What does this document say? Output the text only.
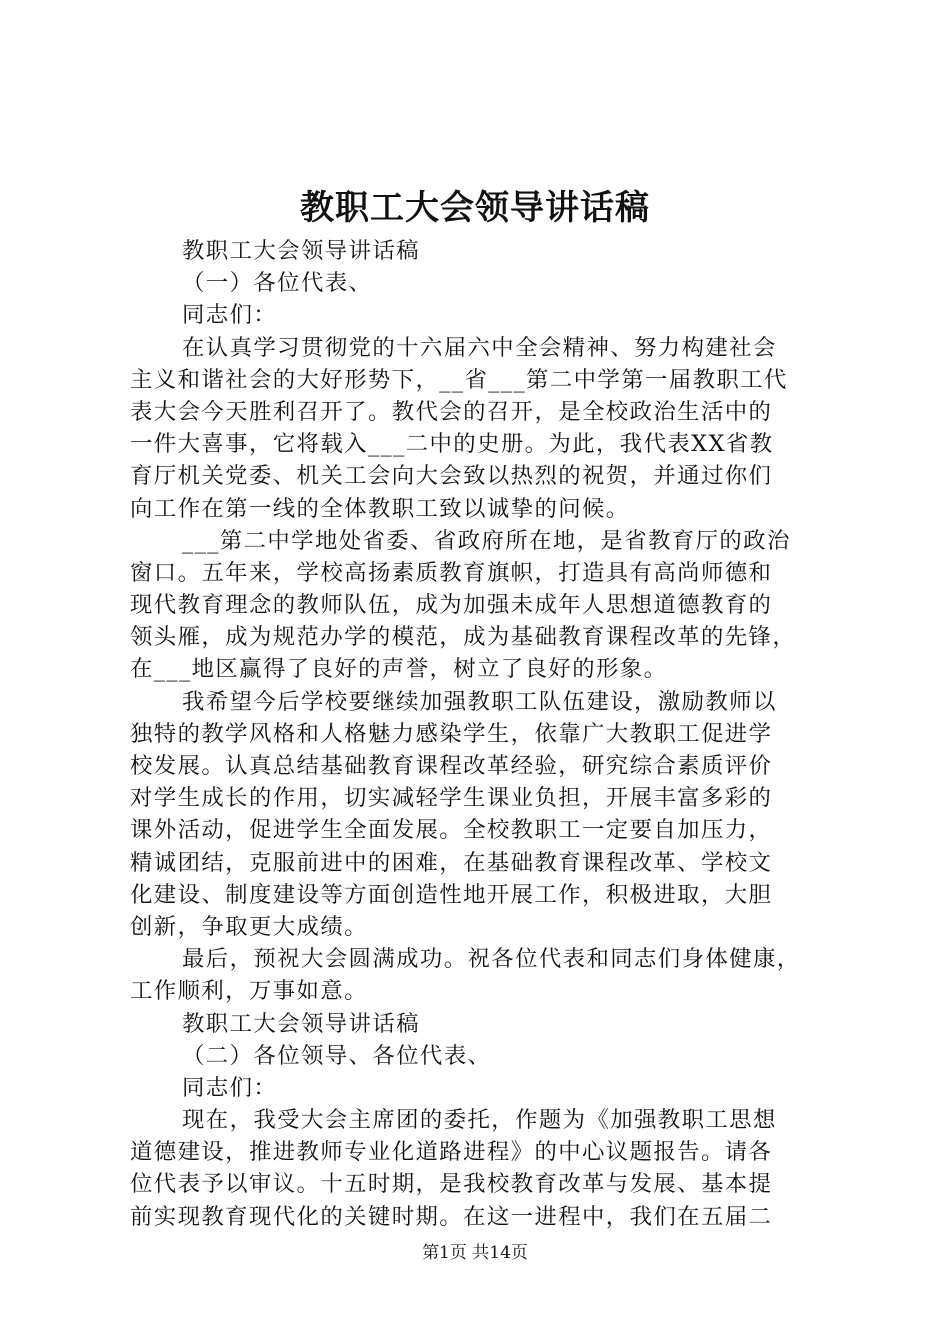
教职工大会领导讲话稿
教职工大会领导讲话稿
（一）各位代表、
同志们：
在认真学习贯彻党的十六届六中全会精神、努力构建社会
主义和谐社会的大好形势下，__省___第二中学第一届教职工代
表大会今天胜利召开了。教代会的召开，是全校政治生活中的
一件大喜事，它将载入___二中的史册。为此，我代表XX省教
育厅机关党委、机关工会向大会致以热烈的祝贺，并通过你们
向工作在第一线的全体教职工致以诚挚的问候。
___第二中学地处省委、省政府所在地，是省教育厅的政治
窗口。五年来，学校高扬素质教育旗帜，打造具有高尚师德和
现代教育理念的教师队伍，成为加强未成年人思想道德教育的
领头雁，成为规范办学的模范，成为基础教育课程改革的先锋，
在___地区赢得了良好的声誉，树立了良好的形象。
我希望今后学校要继续加强教职工队伍建设，激励教师以
独特的教学风格和人格魅力感染学生，依靠广大教职工促进学
校发展。认真总结基础教育课程改革经验，研究综合素质评价
对学生成长的作用，切实减轻学生课业负担，开展丰富多彩的
课外活动，促进学生全面发展。全校教职工一定要自加压力，
精诚团结，克服前进中的困难，在基础教育课程改革、学校文
化建设、制度建设等方面创造性地开展工作，积极进取，大胆
创新，争取更大成绩。
最后，预祝大会圆满成功。祝各位代表和同志们身体健康，
工作顺利，万事如意。
教职工大会领导讲话稿
（二）各位领导、各位代表、
同志们：
现在，我受大会主席团的委托，作题为《加强教职工思想
道德建设，推进教师专业化道路进程》的中心议题报告。请各
位代表予以审议。十五时期，是我校教育改革与发展、基本提
前实现教育现代化的关键时期。在这一进程中，我们在五届二
第1页 共14页
